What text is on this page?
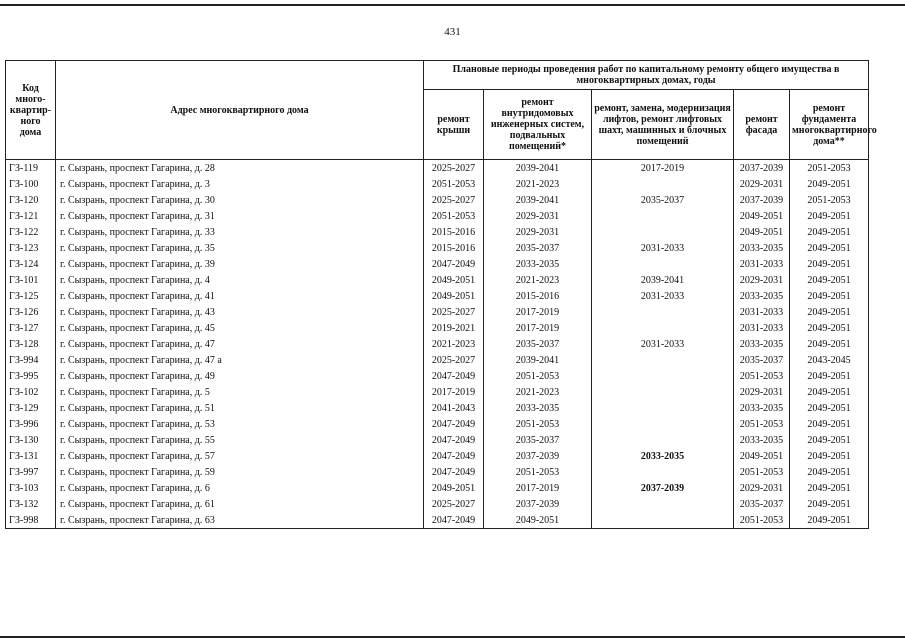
431
Код
много-
квартир-
ного
дома	Адрес многоквартирного дома	Плановые периоды проведения работ по капитальному ремонту общего имущества в многоквартирных домах, годы				
		ремонт крыши	ремонт внутридомовых инженерных систем, подвальных помещений*	ремонт, замена, модернизация лифтов, ремонт лифтовых шахт, машинных и блочных помещений	ремонт фасада	ремонт фундамента многоквартирного дома**
ГЗ-119	г. Сызрань, проспект Гагарина, д. 28	2025-2027	2039-2041	2017-2019	2037-2039	2051-2053
ГЗ-100	г. Сызрань, проспект Гагарина, д. 3	2051-2053	2021-2023		2029-2031	2049-2051
ГЗ-120	г. Сызрань, проспект Гагарина, д. 30	2025-2027	2039-2041	2035-2037	2037-2039	2051-2053
ГЗ-121	г. Сызрань, проспект Гагарина, д. 31	2051-2053	2029-2031		2049-2051	2049-2051
ГЗ-122	г. Сызрань, проспект Гагарина, д. 33	2015-2016	2029-2031		2049-2051	2049-2051
ГЗ-123	г. Сызрань, проспект Гагарина, д. 35	2015-2016	2035-2037	2031-2033	2033-2035	2049-2051
ГЗ-124	г. Сызрань, проспект Гагарина, д. 39	2047-2049	2033-2035		2031-2033	2049-2051
ГЗ-101	г. Сызрань, проспект Гагарина, д. 4	2049-2051	2021-2023	2039-2041	2029-2031	2049-2051
ГЗ-125	г. Сызрань, проспект Гагарина, д. 41	2049-2051	2015-2016	2031-2033	2033-2035	2049-2051
ГЗ-126	г. Сызрань, проспект Гагарина, д. 43	2025-2027	2017-2019		2031-2033	2049-2051
ГЗ-127	г. Сызрань, проспект Гагарина, д. 45	2019-2021	2017-2019		2031-2033	2049-2051
ГЗ-128	г. Сызрань, проспект Гагарина, д. 47	2021-2023	2035-2037	2031-2033	2033-2035	2049-2051
ГЗ-994	г. Сызрань, проспект Гагарина, д. 47 а	2025-2027	2039-2041		2035-2037	2043-2045
ГЗ-995	г. Сызрань, проспект Гагарина, д. 49	2047-2049	2051-2053		2051-2053	2049-2051
ГЗ-102	г. Сызрань, проспект Гагарина, д. 5	2017-2019	2021-2023		2029-2031	2049-2051
ГЗ-129	г. Сызрань, проспект Гагарина, д. 51	2041-2043	2033-2035		2033-2035	2049-2051
ГЗ-996	г. Сызрань, проспект Гагарина, д. 53	2047-2049	2051-2053		2051-2053	2049-2051
ГЗ-130	г. Сызрань, проспект Гагарина, д. 55	2047-2049	2035-2037		2033-2035	2049-2051
ГЗ-131	г. Сызрань, проспект Гагарина, д. 57	2047-2049	2037-2039	2033-2035	2049-2051	2049-2051
ГЗ-997	г. Сызрань, проспект Гагарина, д. 59	2047-2049	2051-2053		2051-2053	2049-2051
ГЗ-103	г. Сызрань, проспект Гагарина, д. 6	2049-2051	2017-2019	2037-2039	2029-2031	2049-2051
ГЗ-132	г. Сызрань, проспект Гагарина, д. 61	2025-2027	2037-2039		2035-2037	2049-2051
ГЗ-998	г. Сызрань, проспект Гагарина, д. 63	2047-2049	2049-2051		2051-2053	2049-2051
